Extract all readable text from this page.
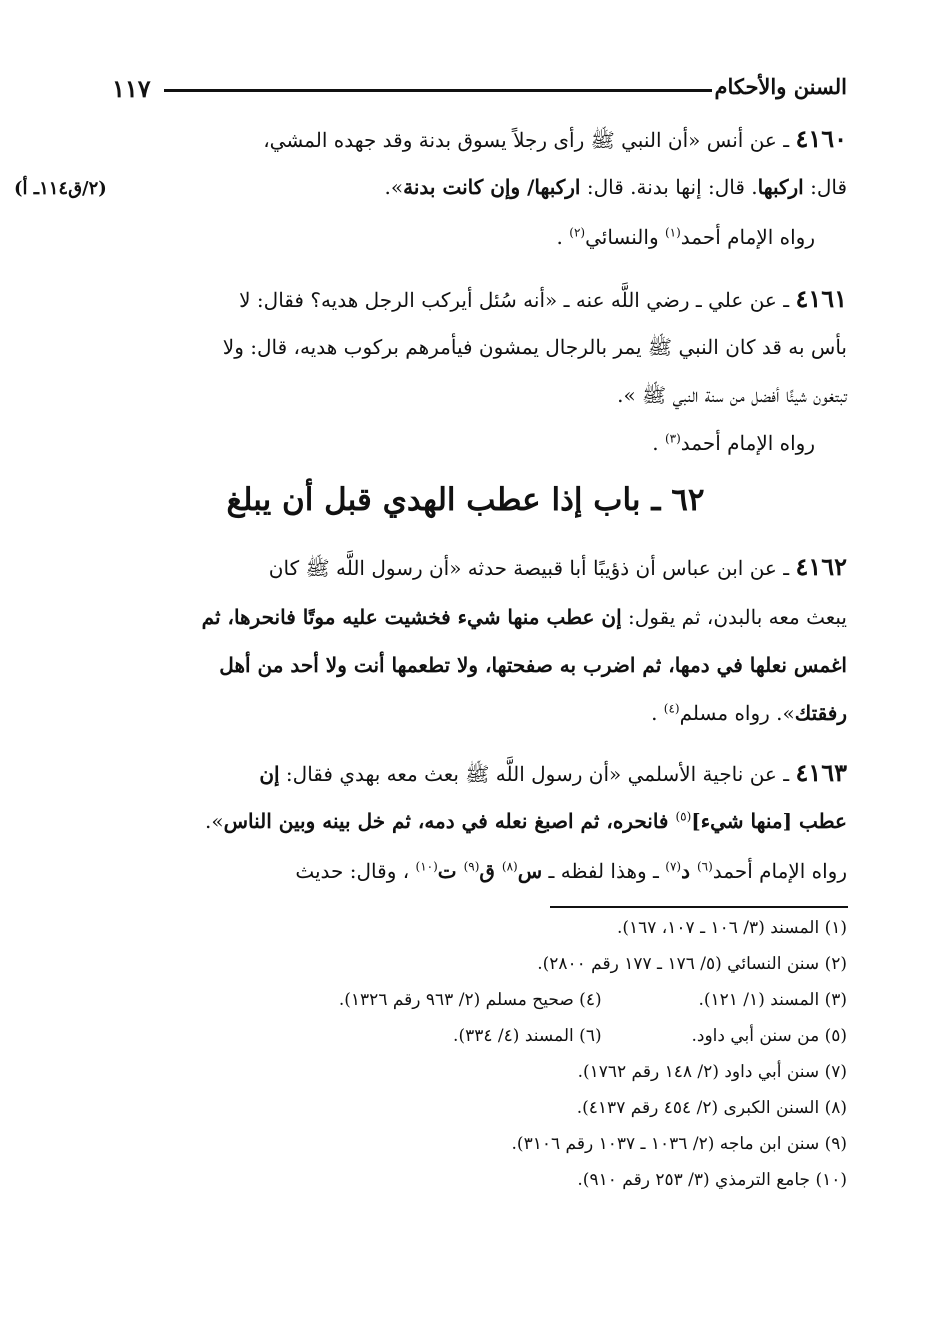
السنن والأحكام
١١٧
٤١٦٠ ـ عن أنس «أن النبي ﷺ رأى رجلاً يسوق بدنة وقد جهده المشي،
قال: اركبها. قال: إنها بدنة. قال: اركبها/ وإن كانت بدنة».
(٢/ق١١٤ـ أ)
رواه الإمام أحمد$^{(١)}$ والنسائي$^{(٢)}$ .
٤١٦١ ـ عن علي ـ رضي اللَّه عنه ـ «أنه سُئل أيركب الرجل هديه؟ فقال: لا
بأس به قد كان النبي ﷺ يمر بالرجال يمشون فيأمرهم بركوب هديه، قال: ولا
تبتغون شيئًا أفضل من سنة النبي ﷺ ».
رواه الإمام أحمد$^{(٣)}$ .
٦٢ ـ باب إذا عطب الهدي قبل أن يبلغ
٤١٦٢ ـ عن ابن عباس أن ذؤيبًا أبا قبيصة حدثه «أن رسول اللَّه ﷺ كان
يبعث معه بالبدن، ثم يقول: إن عطب منها شيء فخشيت عليه موتًا فانحرها، ثم
اغمس نعلها في دمها، ثم اضرب به صفحتها، ولا تطعمها أنت ولا أحد من أهل
رفقتك». رواه مسلم$^{(٤)}$ .
٤١٦٣ ـ عن ناجية الأسلمي «أن رسول اللَّه ﷺ بعث معه بهدي فقال: إن
عطب [منها شيء]$^{(٥)}$ فانحره، ثم اصبغ نعله في دمه، ثم خل بينه وبين الناس».
رواه الإمام أحمد$^{(٦)}$ د$^{(٧)}$ ـ وهذا لفظه ـ س$^{(٨)}$ ق$^{(٩)}$ ت$^{(١٠)}$ ، وقال: حديث
(١) المسند (٣/ ١٠٦ ـ ١٠٧، ١٦٧).
(٢) سنن النسائي (٥/ ١٧٦ ـ ١٧٧ رقم ٢٨٠٠).
(٣) المسند (١/ ١٢١). (٤) صحيح مسلم (٢/ ٩٦٣ رقم ١٣٢٦).
(٥) من سنن أبي داود. (٦) المسند (٤/ ٣٣٤).
(٧) سنن أبي داود (٢/ ١٤٨ رقم ١٧٦٢).
(٨) السنن الكبرى (٢/ ٤٥٤ رقم ٤١٣٧).
(٩) سنن ابن ماجه (٢/ ١٠٣٦ ـ ١٠٣٧ رقم ٣١٠٦).
(١٠) جامع الترمذي (٣/ ٢٥٣ رقم ٩١٠).
